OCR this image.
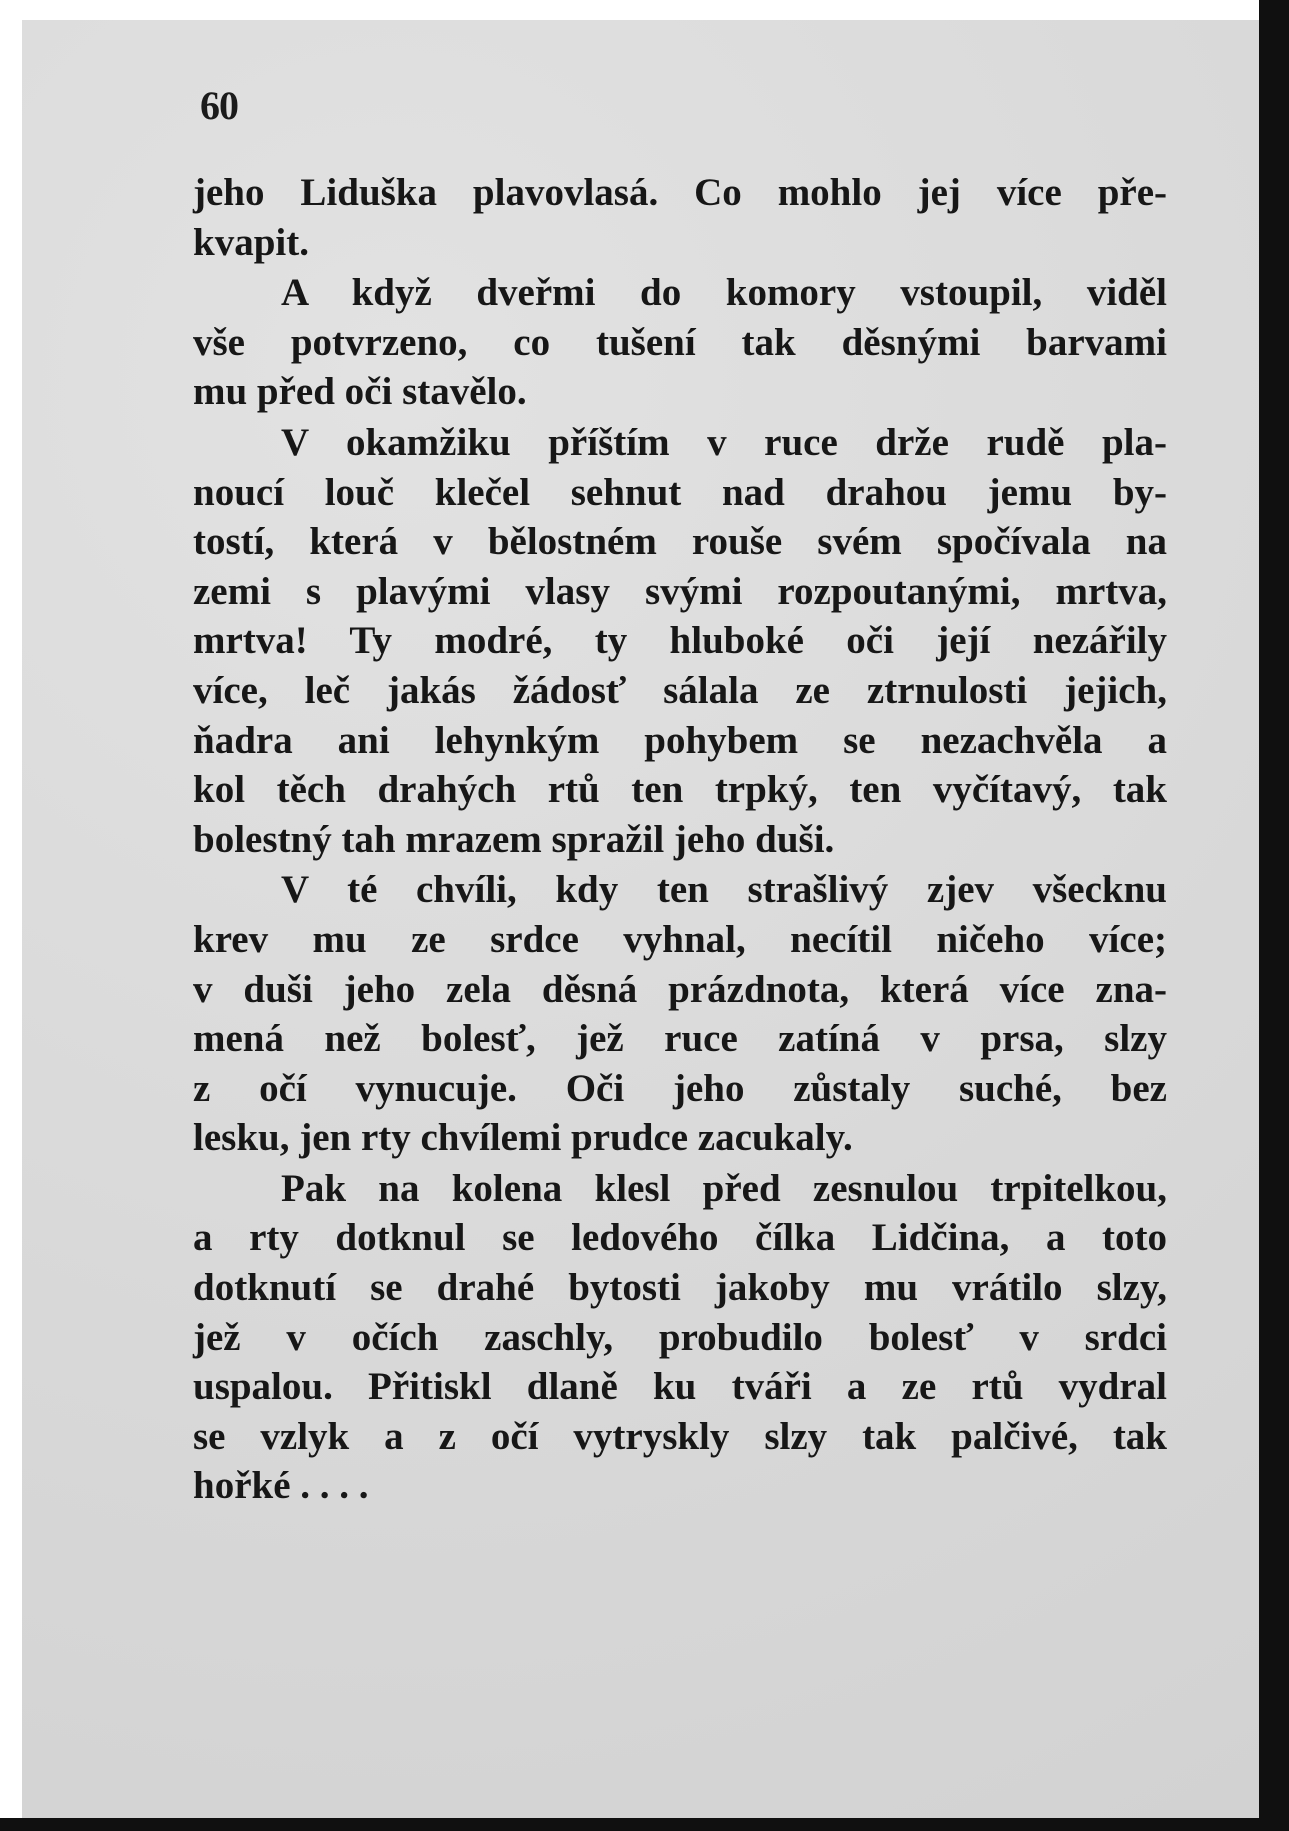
60
jeho Liduška plavovlasá. Co mohlo jej více pře-
kvapit.
A když dveřmi do komory vstoupil, viděl
vše potvrzeno, co tušení tak děsnými barvami
mu před oči stavělo.
V okamžiku příštím v ruce drže rudě pla-
noucí louč klečel sehnut nad drahou jemu by-
tostí, která v bělostném rouše svém spočívala na
zemi s plavými vlasy svými rozpoutanými, mrtva,
mrtva! Ty modré, ty hluboké oči její nezářily
více, leč jakás žádosť sálala ze ztrnulosti jejich,
ňadra ani lehynkým pohybem se nezachvěla a
kol těch drahých rtů ten trpký, ten vyčítavý, tak
bolestný tah mrazem spražil jeho duši.
V té chvíli, kdy ten strašlivý zjev všecknu
krev mu ze srdce vyhnal, necítil ničeho více;
v duši jeho zela děsná prázdnota, která více zna-
mená než bolesť, jež ruce zatíná v prsa, slzy
z očí vynucuje. Oči jeho zůstaly suché, bez
lesku, jen rty chvílemi prudce zacukaly.
Pak na kolena klesl před zesnulou trpitelkou,
a rty dotknul se ledového čílka Lidčina, a toto
dotknutí se drahé bytosti jakoby mu vrátilo slzy,
jež v očích zaschly, probudilo bolesť v srdci
uspalou. Přitiskl dlaně ku tváři a ze rtů vydral
se vzlyk a z očí vytryskly slzy tak palčivé, tak
hořké . . . .
